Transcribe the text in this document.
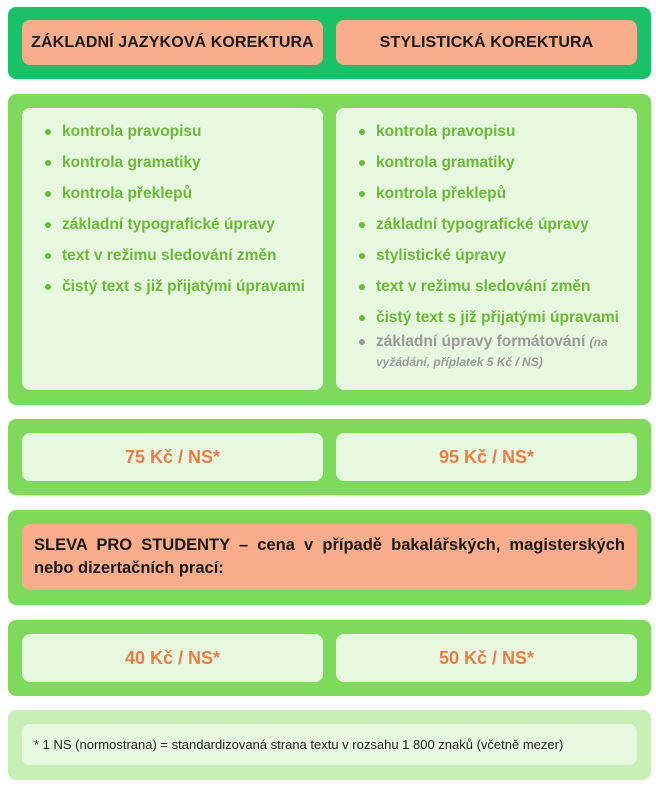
ZÁKLADNÍ JAZYKOVÁ KOREKTURA	STYLISTICKÁ KOREKTURA
kontrola pravopisu
kontrola gramatiky
kontrola překlepů
základní typografické úpravy
text v režimu sledování změn
čistý text s již přijatými úpravami
kontrola pravopisu
kontrola gramatiky
kontrola překlepů
základní typografické úpravy
stylistické úpravy
text v režimu sledování změn
čistý text s již přijatými úpravami
základní úpravy formátování (na vyžádání, příplatek 5 Kč / NS)
75 Kč / NS*	95 Kč / NS*
SLEVA PRO STUDENTY – cena v případě bakalářských, magisterských nebo dizertačních prací:
40 Kč / NS*	50 Kč / NS*
* 1 NS (normostrana) = standardizovaná strana textu v rozsahu 1 800 znaků (včetně mezer)
